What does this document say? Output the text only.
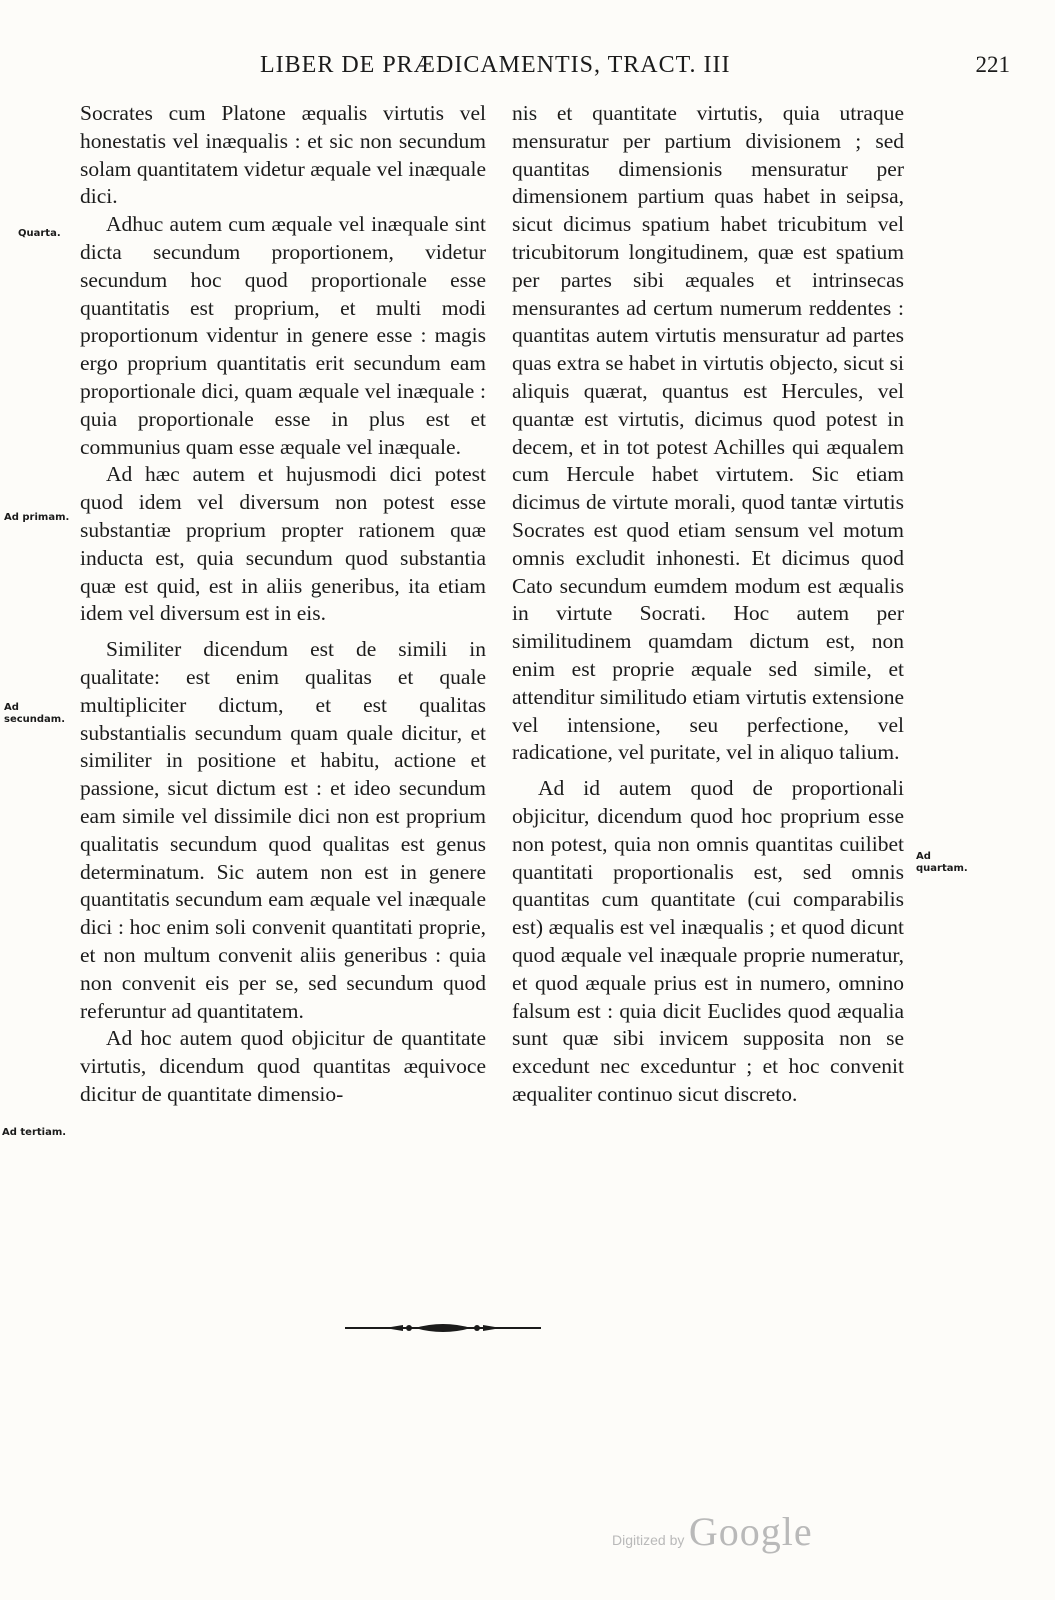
LIBER DE PRÆDICAMENTIS, TRACT. III	221

Socrates cum Platone æqualis virtutis vel honestatis vel inæqualis : et sic non secundum solam quantitatem videtur æquale vel inæquale dici.

Adhuc autem cum æquale vel inæquale sint dicta secundum proportionem, videtur secundum hoc quod proportionale esse quantitatis est proprium, et multi modi proportionum videntur in genere esse : magis ergo proprium quantitatis erit secundum eam proportionale dici, quam æquale vel inæquale : quia proportionale esse in plus est et communius quam esse æquale vel inæquale.

Ad hæc autem et hujusmodi dici potest quod idem vel diversum non potest esse substantiæ proprium propter rationem quæ inducta est, quia secundum quod substantia quæ est quid, est in aliis generibus, ita etiam idem vel diversum est in eis.

Similiter dicendum est de simili in qualitate: est enim qualitas et quale multipliciter dictum, et est qualitas substantialis secundum quam quale dicitur, et similiter in positione et habitu, actione et passione, sicut dictum est : et ideo secundum eam simile vel dissimile dici non est proprium qualitatis secundum quod qualitas est genus determinatum. Sic autem non est in genere quantitatis secundum eam æquale vel inæquale dici : hoc enim soli convenit quantitati proprie, et non multum convenit aliis generibus : quia non convenit eis per se, sed secundum quod referuntur ad quantitatem.

Ad hoc autem quod objicitur de quantitate virtutis, dicendum quod quantitas æquivoce dicitur de quantitate dimensio-

nis et quantitate virtutis, quia utraque mensuratur per partium divisionem ; sed quantitas dimensionis mensuratur per dimensionem partium quas habet in seipsa, sicut dicimus spatium habet tricubitum vel tricubitorum longitudinem, quæ est spatium per partes sibi æquales et intrinsecas mensurantes ad certum numerum reddentes : quantitas autem virtutis mensuratur ad partes quas extra se habet in virtutis objecto, sicut si aliquis quærat, quantus est Hercules, vel quantæ est virtutis, dicimus quod potest in decem, et in tot potest Achilles qui æqualem cum Hercule habet virtutem. Sic etiam dicimus de virtute morali, quod tantæ virtutis Socrates est quod etiam sensum vel motum omnis excludit inhonesti. Et dicimus quod Cato secundum eumdem modum est æqualis in virtute Socrati. Hoc autem per similitudinem quamdam dictum est, non enim est proprie æquale sed simile, et attenditur similitudo etiam virtutis extensione vel intensione, seu perfectione, vel radicatione, vel puritate, vel in aliquo talium.

Ad id autem quod de proportionali objicitur, dicendum quod hoc proprium esse non potest, quia non omnis quantitas cuilibet quantitati proportionalis est, sed omnis quantitas cum quantitate (cui comparabilis est) æqualis est vel inæqualis ; et quod dicunt quod æquale vel inæquale proprie numeratur, et quod æquale prius est in numero, omnino falsum est : quia dicit Euclides quod æqualia sunt quæ sibi invicem supposita non se excedunt nec exceduntur ; et hoc convenit æqualiter continuo sicut discreto.

Quarta.
Ad primam.
Ad secundam.
Ad tertiam.
Ad quartam.
Digitized by Google
